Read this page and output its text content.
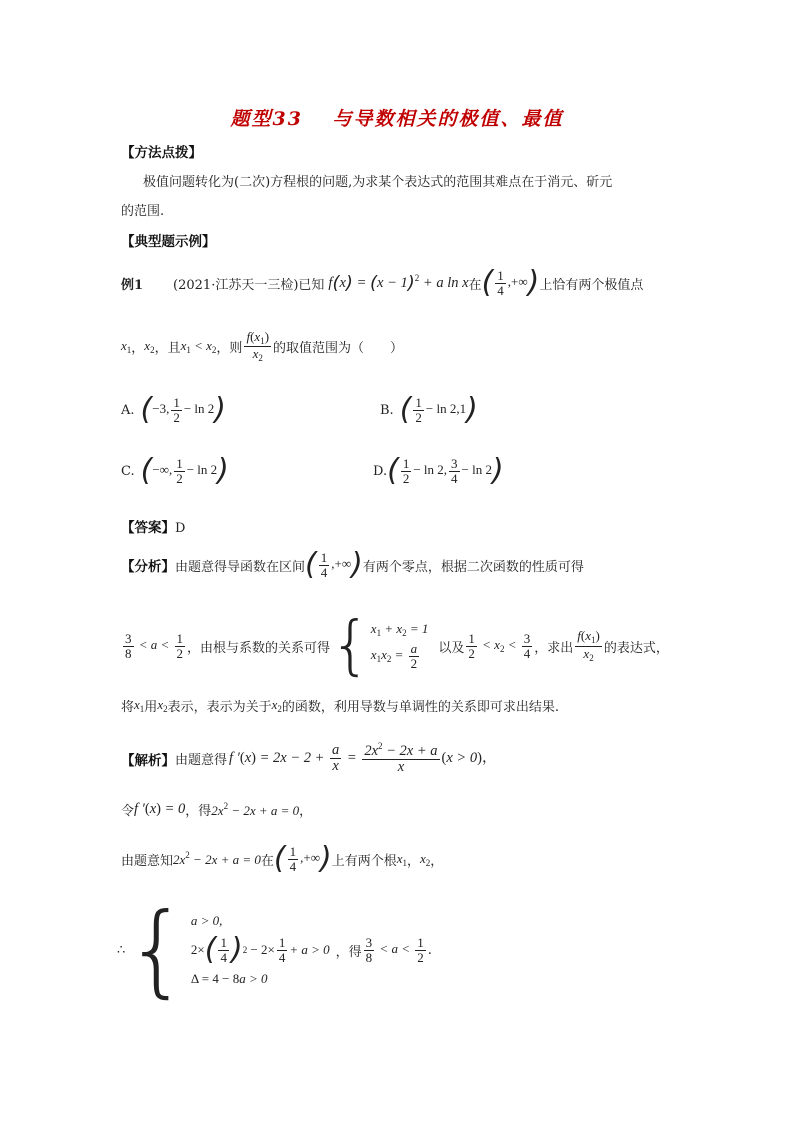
题型33　 与导数相关的极值、最值
【方法点拨】
极值问题转化为(二次)方程根的问题,为求某个表达式的范围其难点在于消元、斫元
的范围.
【典型题示例】
例1 (2021·江苏天一三检)已知 $f(x) = (x - 1)^2 + a$ ln x 在 ( $\frac{1}{4}$ ,+∞) 上恰有两个极值点
$x_1$ ， $x_2$ ，且 $x_1 < x_2$ ，则 $\frac{f(x_1)}{x_2}$ 的取值范围为（　　）
A. (−3, $\frac{1}{2} - \ln 2$)	B. ( $\frac{1}{2} - \ln 2,1$)
C. (−∞, $\frac{1}{2} - \ln 2$)	D. ( $\frac{1}{2} - \ln 2$, $\frac{3}{4} - \ln 2$)
【答案】D
【分析】 由题意得导函数在区间 ( $\frac{1}{4}$ ,+∞) 有两个零点，根据二次函数的性质可得
$\frac{3}{8} < a < \frac{1}{2}$ ，由根与系数的关系可得 { $x_1 + x_2 = 1$
$x_1x_2 = \frac{a}{2}$ 以及 $\frac{1}{2} < x_2 < \frac{3}{4}$ ，求出 $\frac{f(x_1)}{x_2}$ 的表达式，
将 $x_1$ 用 $x_2$ 表示，表示为关于 $x_2$ 的函数，利用导数与单调性的关系即可求出结果.
【解析】 由题意得 f $'(x) = 2x - 2 + \frac{a}{x} = \frac{2x^2 - 2x + a}{x} (x > 0)$，
令 f ′(x) = 0 ，得 $2x^2 - 2x + a = 0$ ，
由题意知 $2x^2 - 2x + a = 0$ 在 ( $\frac{1}{4}$ ,+∞) 上有两个根 $x_1$ ， $x_2$ ，
∴ { a > 0,
2× ( $\frac{1}{4}$ ) $2 - 2\times \frac{1}{4} + a > 0$
Δ = 4 − 8a > 0
，得 $\frac{3}{8} < a < \frac{1}{2}$ .
